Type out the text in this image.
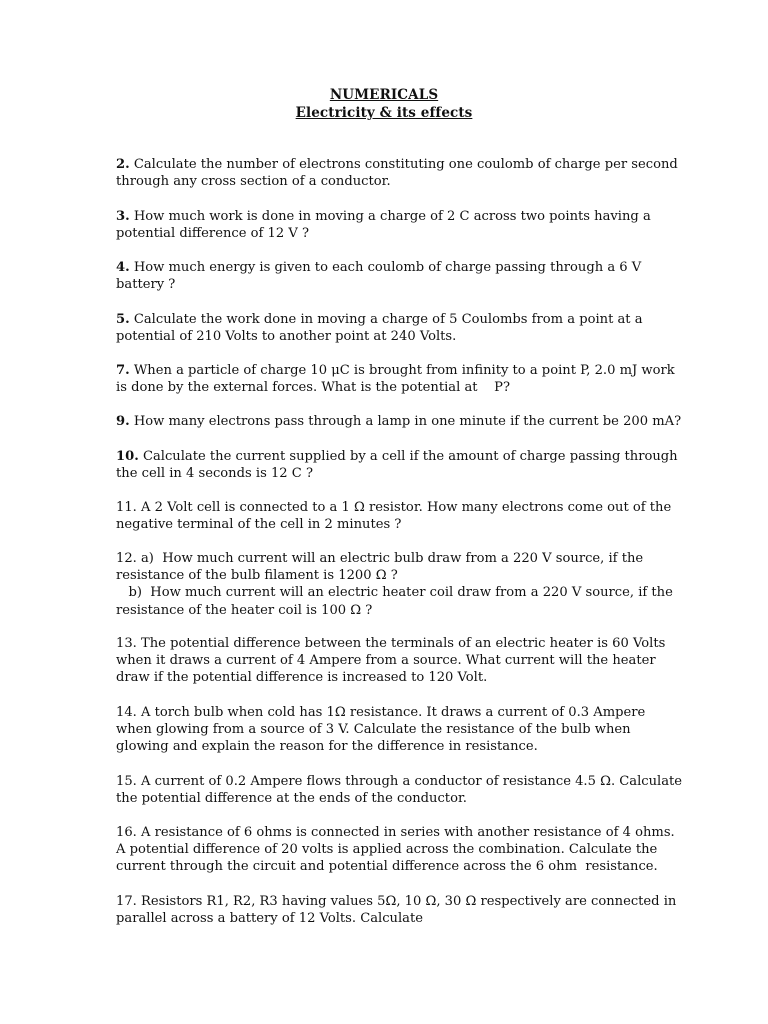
NUMERICALS
Electricity & its effects
2. Calculate the number of electrons constituting one coulomb of charge per second
through any cross section of a conductor.
3. How much work is done in moving a charge of 2 C across two points having a
potential difference of 12 V ?
4. How much energy is given to each coulomb of charge passing through a 6 V
battery ?
5. Calculate the work done in moving a charge of 5 Coulombs from a point at a
potential of 210 Volts to another point at 240 Volts.
7. When a particle of charge 10 μC is brought from infinity to a point P, 2.0 mJ work
is done by the external forces. What is the potential at    P?
9. How many electrons pass through a lamp in one minute if the current be 200 mA?
10. Calculate the current supplied by a cell if the amount of charge passing through
the cell in 4 seconds is 12 C ?
11. A 2 Volt cell is connected to a 1 Ω resistor. How many electrons come out of the
negative terminal of the cell in 2 minutes ?
12. a)  How much current will an electric bulb draw from a 220 V source, if the
resistance of the bulb filament is 1200 Ω ?
b)  How much current will an electric heater coil draw from a 220 V source, if the
resistance of the heater coil is 100 Ω ?
13. The potential difference between the terminals of an electric heater is 60 Volts
when it draws a current of 4 Ampere from a source. What current will the heater
draw if the potential difference is increased to 120 Volt.
14. A torch bulb when cold has 1Ω resistance. It draws a current of 0.3 Ampere
when glowing from a source of 3 V. Calculate the resistance of the bulb when
glowing and explain the reason for the difference in resistance.
15. A current of 0.2 Ampere flows through a conductor of resistance 4.5 Ω. Calculate
the potential difference at the ends of the conductor.
16. A resistance of 6 ohms is connected in series with another resistance of 4 ohms.
A potential difference of 20 volts is applied across the combination. Calculate the
current through the circuit and potential difference across the 6 ohm  resistance.
17. Resistors R1, R2, R3 having values 5Ω, 10 Ω, 30 Ω respectively are connected in
parallel across a battery of 12 Volts. Calculate
